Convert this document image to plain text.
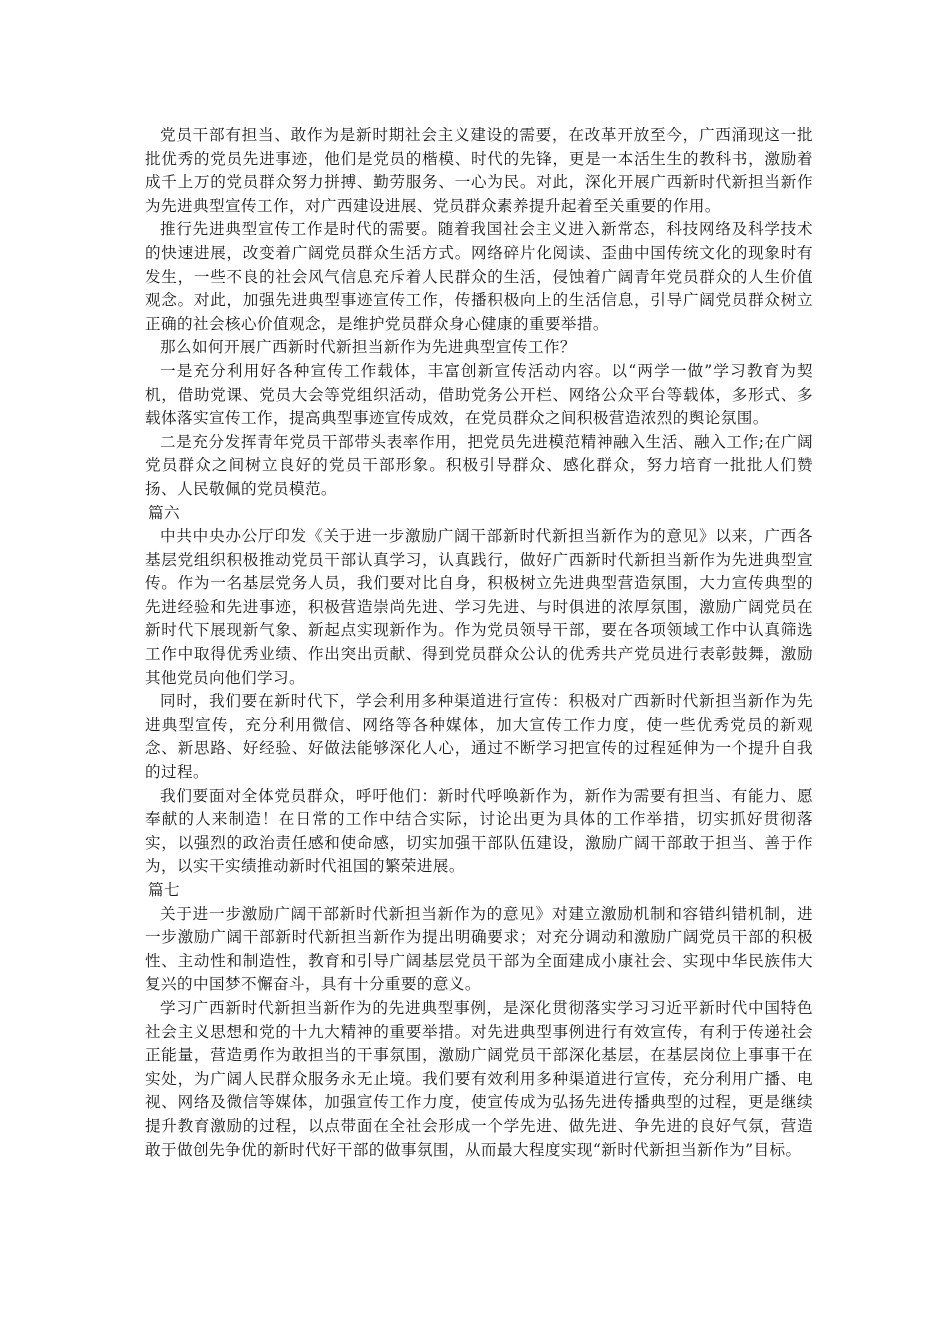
党员干部有担当、敢作为是新时期社会主义建设的需要，在改革开放至今，广西涌现这一批批优秀的党员先进事迹，他们是党员的楷模、时代的先锋，更是一本活生生的教科书，激励着成千上万的党员群众努力拼搏、勤劳服务、一心为民。对此，深化开展广西新时代新担当新作为先进典型宣传工作，对广西建设进展、党员群众素养提升起着至关重要的作用。

推行先进典型宣传工作是时代的需要。随着我国社会主义进入新常态，科技网络及科学技术的快速进展，改变着广阔党员群众生活方式。网络碎片化阅读、歪曲中国传统文化的现象时有发生，一些不良的社会风气信息充斥着人民群众的生活，侵蚀着广阔青年党员群众的人生价值观念。对此，加强先进典型事迹宣传工作，传播积极向上的生活信息，引导广阔党员群众树立正确的社会核心价值观念，是维护党员群众身心健康的重要举措。

那么如何开展广西新时代新担当新作为先进典型宣传工作？

一是充分利用好各种宣传工作载体，丰富创新宣传活动内容。以“两学一做”学习教育为契机，借助党课、党员大会等党组织活动，借助党务公开栏、网络公众平台等载体，多形式、多载体落实宣传工作，提高典型事迹宣传成效，在党员群众之间积极营造浓烈的舆论氛围。

二是充分发挥青年党员干部带头表率作用，把党员先进模范精神融入生活、融入工作;在广阔党员群众之间树立良好的党员干部形象。积极引导群众、感化群众，努力培育一批批人们赞扬、人民敬佩的党员模范。

篇六

中共中央办公厅印发《关于进一步激励广阔干部新时代新担当新作为的意见》以来，广西各基层党组织积极推动党员干部认真学习，认真践行，做好广西新时代新担当新作为先进典型宣传。作为一名基层党务人员，我们要对比自身，积极树立先进典型营造氛围，大力宣传典型的先进经验和先进事迹，积极营造崇尚先进、学习先进、与时俱进的浓厚氛围，激励广阔党员在新时代下展现新气象、新起点实现新作为。作为党员领导干部，要在各项领域工作中认真筛选工作中取得优秀业绩、作出突出贡献、得到党员群众公认的优秀共产党员进行表彰鼓舞，激励其他党员向他们学习。

同时，我们要在新时代下，学会利用多种渠道进行宣传：积极对广西新时代新担当新作为先进典型宣传，充分利用微信、网络等各种媒体，加大宣传工作力度，使一些优秀党员的新观念、新思路、好经验、好做法能够深化人心，通过不断学习把宣传的过程延伸为一个提升自我的过程。

我们要面对全体党员群众，呼吁他们：新时代呼唤新作为，新作为需要有担当、有能力、愿奉献的人来制造！在日常的工作中结合实际，讨论出更为具体的工作举措，切实抓好贯彻落实，以强烈的政治责任感和使命感，切实加强干部队伍建设，激励广阔干部敢于担当、善于作为，以实干实绩推动新时代祖国的繁荣进展。

篇七

关于进一步激励广阔干部新时代新担当新作为的意见》对建立激励机制和容错纠错机制，进一步激励广阔干部新时代新担当新作为提出明确要求；对充分调动和激励广阔党员干部的积极性、主动性和制造性，教育和引导广阔基层党员干部为全面建成小康社会、实现中华民族伟大复兴的中国梦不懈奋斗，具有十分重要的意义。

学习广西新时代新担当新作为的先进典型事例，是深化贯彻落实学习习近平新时代中国特色社会主义思想和党的十九大精神的重要举措。对先进典型事例进行有效宣传，有利于传递社会正能量，营造勇作为敢担当的干事氛围，激励广阔党员干部深化基层，在基层岗位上事事干在实处，为广阔人民群众服务永无止境。我们要有效利用多种渠道进行宣传，充分利用广播、电视、网络及微信等媒体，加强宣传工作力度，使宣传成为弘扬先进传播典型的过程，更是继续提升教育激励的过程，以点带面在全社会形成一个学先进、做先进、争先进的良好气氛，营造敢于做创先争优的新时代好干部的做事氛围，从而最大程度实现“新时代新担当新作为”目标。
